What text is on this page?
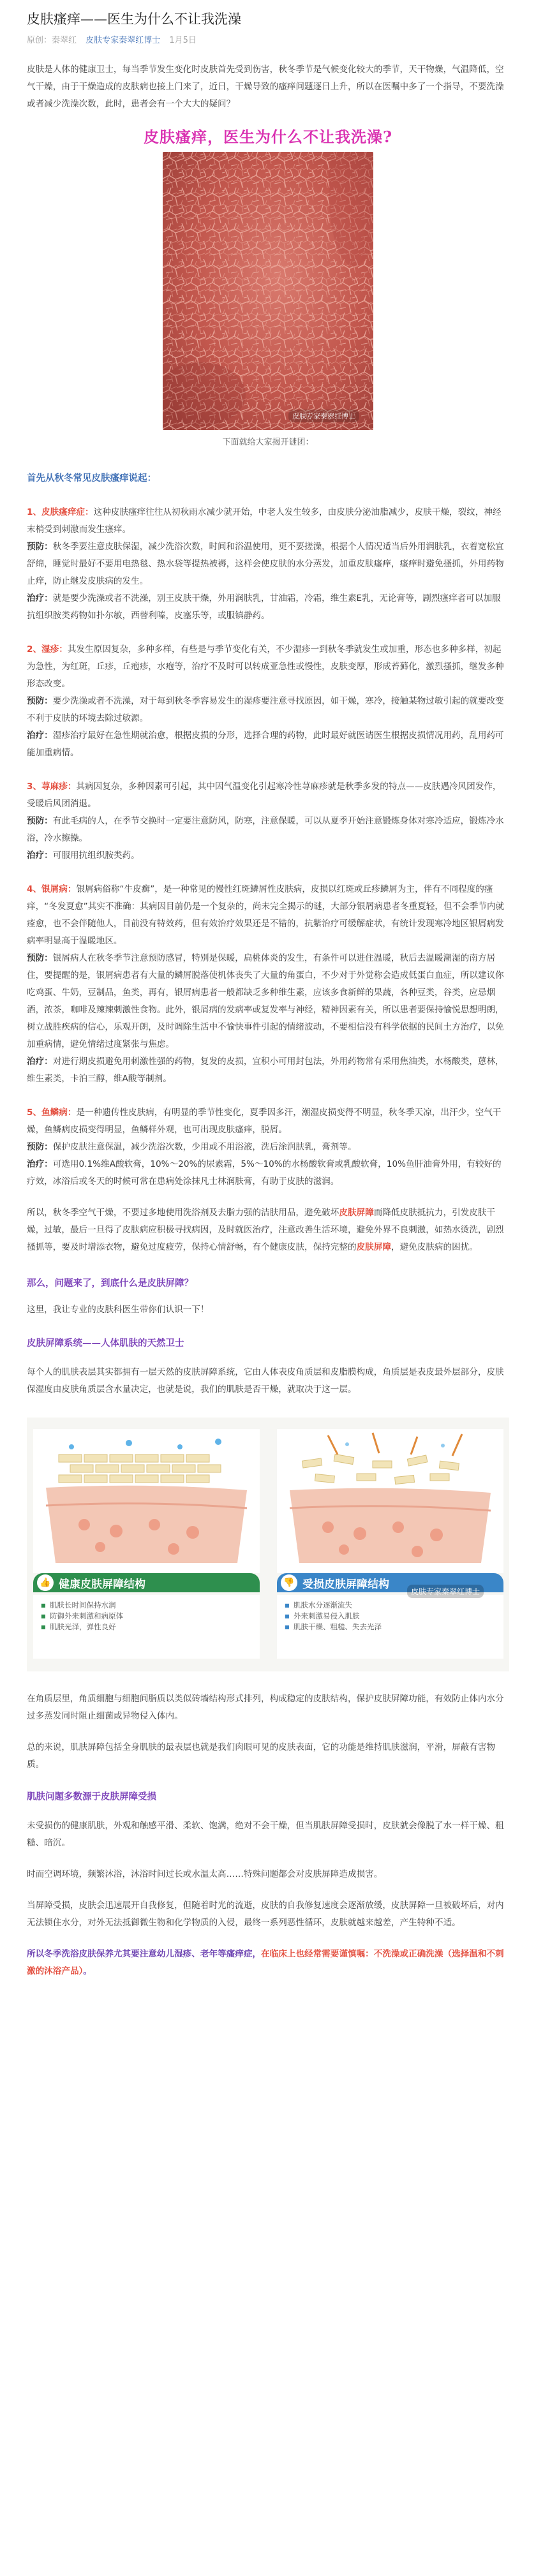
皮肤瘙痒——医生为什么不让我洗澡
原创：秦翠红 皮肤专家秦翠红博士 1月5日

皮肤是人体的健康卫士，每当季节发生变化时皮肤首先受到伤害，秋冬季节是气候变化较大的季节，天干物燥，气温降低，空气干燥，由于干燥造成的皮肤病也接上门来了，近日，干燥导致的瘙痒问题逐日上升，所以在医嘱中多了一个指导，不要洗澡或者减少洗澡次数，此时，患者会有一个大大的疑问？

皮肤瘙痒，医生为什么不让我洗澡?
皮肤专家秦翠红博士
下面就给大家揭开谜团：

首先从秋冬常见皮肤瘙痒说起：

1、皮肤瘙痒症：这种皮肤瘙痒往往从初秋雨水减少就开始，中老人发生较多，由皮肤分泌油脂减少，皮肤干燥，裂纹，神经末梢受到刺激而发生瘙痒。

预防：秋冬季要注意皮肤保湿，减少洗浴次数，时间和浴温使用，更不要搓澡，根据个人情况适当后外用润肤乳，衣着宽松宜舒绵，睡觉时最好不要用电热毯、热水袋等提热被褥，这样会使皮肤的水分蒸发，加重皮肤瘙痒，瘙痒时避免搔抓，外用药物止痒，防止继发皮肤病的发生。

治疗：就是要少洗澡或者不洗澡，别王皮肤干燥，外用润肤乳，甘油霜，冷霜，维生素E乳，无论膏等，剧烈瘙痒者可以加服抗组织胺类药物如扑尔敏，西替利嗪，皮塞乐等，或服镇静药。

2、湿疹：其发生原因复杂，多种多样，有些是与季节变化有关，不少湿疹一到秋冬季就发生或加重，形态也多种多样，初起为急性，为红斑，丘疹，丘疱疹，水疱等，治疗不及时可以转成亚急性或慢性，皮肤变厚，形成苔藓化，激烈搔抓，继发多种形态改变。

预防：要少洗澡或者不洗澡，对于每到秋冬季容易发生的湿疹要注意寻找原因，如干燥，寒冷，接触某物过敏引起的就要改变不利于皮肤的环境去除过敏源。

治疗：湿疹治疗最好在急性期就治愈，根据皮损的分形，选择合理的药物，此时最好就医请医生根据皮损情况用药，乱用药可能加重病情。

3、荨麻疹：其病因复杂，多种因素可引起，其中因气温变化引起寒冷性荨麻疹就是秋季多发的特点——皮肤遇冷风团发作，受暖后风团消退。

预防：有此毛病的人，在季节交换时一定要注意防风，防寒，注意保暖，可以从夏季开始注意锻炼身体对寒冷适应，锻炼冷水浴，冷水擦操。

治疗：可服用抗组织胺类药。

4、银屑病：银屑病俗称“牛皮癣”，是一种常见的慢性红斑鳞屑性皮肤病，皮损以红斑或丘疹鳞屑为主，伴有不同程度的瘙痒，“冬发夏愈”其实不准确：其病因目前仍是一个复杂的，尚未完全揭示的谜，大部分银屑病患者冬重夏轻，但不会季节内就痊愈，也不会伴随他人，目前没有特效药，但有效治疗效果还是不错的，抗紫治疗可缓解症状，有统计发现寒冷地区银屑病发病率明显高于温暖地区。

预防：银屑病人在秋冬季节注意预防感冒，特别是保暖，扁桃体炎的发生，有条件可以进住温暖，秋后去温暖潮湿的南方居住，要提醒的是，银屑病患者有大量的鳞屑脱落使机体丧失了大量的角蛋白，不少对于外觉称会造成低蛋白血症，所以建议你吃鸡蛋、牛奶，豆制品，鱼类，再有，银屑病患者一般都缺乏多种维生素，应该多食新鲜的果蔬，各种豆类，谷类，应忌烟酒，浓茶，咖啡及辣辣刺激性食物。此外，银屑病的发病率或复发率与神经，精神因素有关，所以患者要保持愉悦思想明朗，树立战胜疾病的信心，乐观开朗，及时调除生活中不愉快事件引起的情绪波动，不要相信没有科学依据的民间土方治疗，以免加重病情，避免情绪过度紧张与焦虑。

治疗：对进行期皮损避免用刺激性强的药物，复发的皮损，宜积小可用封包法，外用药物常有采用焦油类，水杨酸类，蒽林，维生素类，卡泊三醇，维A酸等制剂。

5、鱼鳞病：是一种遗传性皮肤病，有明显的季节性变化，夏季因多汗，潮湿皮损变得不明显，秋冬季天凉，出汗少，空气干燥，鱼鳞病皮损变得明显，鱼鳞样外观，也可出现皮肤瘙痒，脱屑。

预防：保护皮肤注意保温，减少洗浴次数，少用或不用浴液，洗后涂润肤乳，膏剂等。

治疗：可选用0.1%维A酸软膏，10%～20%的尿素霜，5%～10%的水杨酸软膏或乳酸软膏，10%鱼肝油膏外用，有较好的疗效，冰浴后或冬天的时候可常在患病处涂抹凡士林润肤膏，有助于皮肤的滋润。

所以，秋冬季空气干燥，不要过多地使用洗浴剂及去脂力强的洁肤用品，避免破坏皮肤屏障而降低皮肤抵抗力，引发皮肤干燥，过敏，最后一旦得了皮肤病应积极寻找病因，及时就医治疗，注意改善生活环境，避免外界不良刺激，如热水烫洗，剧烈搔抓等，要及时增添衣物，避免过度疲劳，保持心情舒畅，有个健康皮肤，保持完整的皮肤屏障，避免皮肤病的困扰。

那么，问题来了，到底什么是皮肤屏障？

这里，我让专业的皮肤科医生带你们认识一下！

皮肤屏障系统——人体肌肤的天然卫士

每个人的肌肤表层其实都拥有一层天然的皮肤屏障系统，它由人体表皮角质层和皮脂膜构成，角质层是表皮最外层部分，皮肤保湿度由皮肤角质层含水量决定，也就是说，我们的肌肤是否干燥，就取决于这一层。

👍 健康皮肤屏障结构
■ 肌肤长时间保持水润
■ 防御外来刺激和病原体
■ 肌肤光泽，弹性良好
👎 受损皮肤屏障结构
■ 肌肤水分逐渐流失
■ 外来刺激易侵入肌肤
■ 肌肤干燥、粗糙、失去光泽
皮肤专家秦翠红博士

在角质层里，角质细胞与细胞间脂质以类似砖墙结构形式排列，构成稳定的皮肤结构，保护皮肤屏障功能，有效防止体内水分过多蒸发同时阻止细菌或异物侵入体内。

总的来说，肌肤屏障包括全身肌肤的最表层也就是我们肉眼可见的皮肤表面，它的功能是维持肌肤滋润，平滑，屏蔽有害物质。

肌肤问题多数源于皮肤屏障受损

未受损伤的健康肌肤，外观和触感平滑、柔软、饱满，绝对不会干燥，但当肌肤屏障受损时，皮肤就会像脱了水一样干燥、粗糙、暗沉。

时而空调环境，频繁沐浴，沐浴时间过长或水温太高……特殊问题都会对皮肤屏障造成损害。

当屏障受损，皮肤会迅速展开自我修复，但随着时光的流逝，皮肤的自我修复速度会逐渐放缓，皮肤屏障一旦被破坏后，对内无法锁住水分，对外无法抵御微生物和化学物质的入侵，最终一系列恶性循环，皮肤就越来越差，产生特种不适。

所以冬季洗浴皮肤保养尤其要注意幼儿湿疹、老年等瘙痒症，在临床上也经常需要谨慎嘱：不洗澡或正确洗澡（选择温和不刺激的沐浴产品）。
